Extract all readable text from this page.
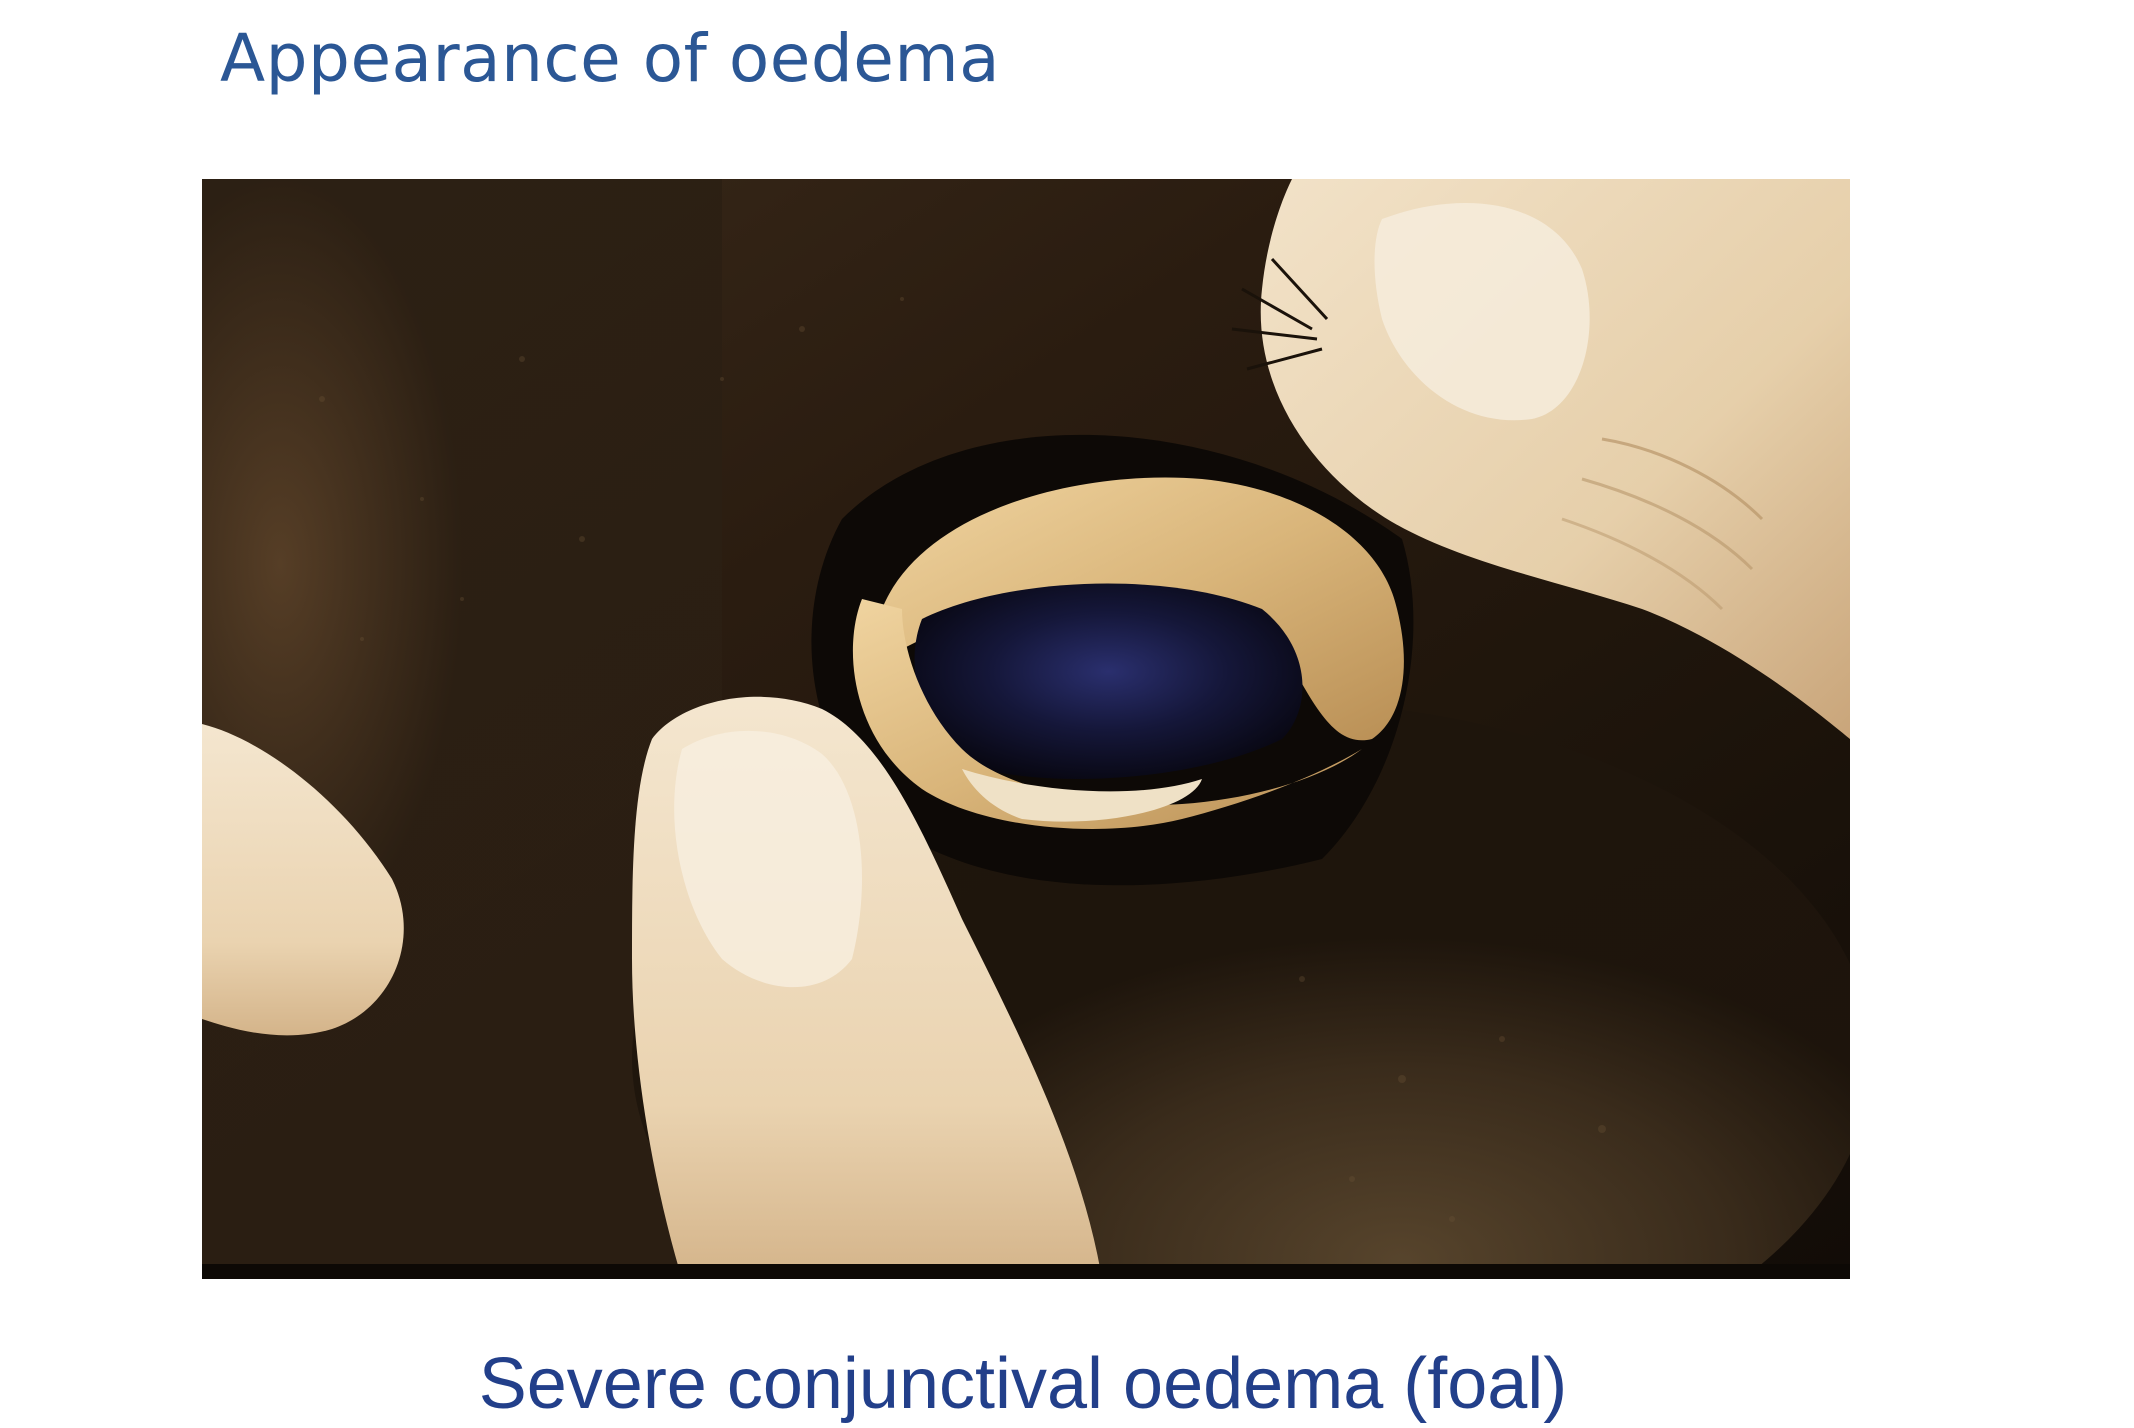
Appearance of oedema

Severe conjunctival oedema (foal)
